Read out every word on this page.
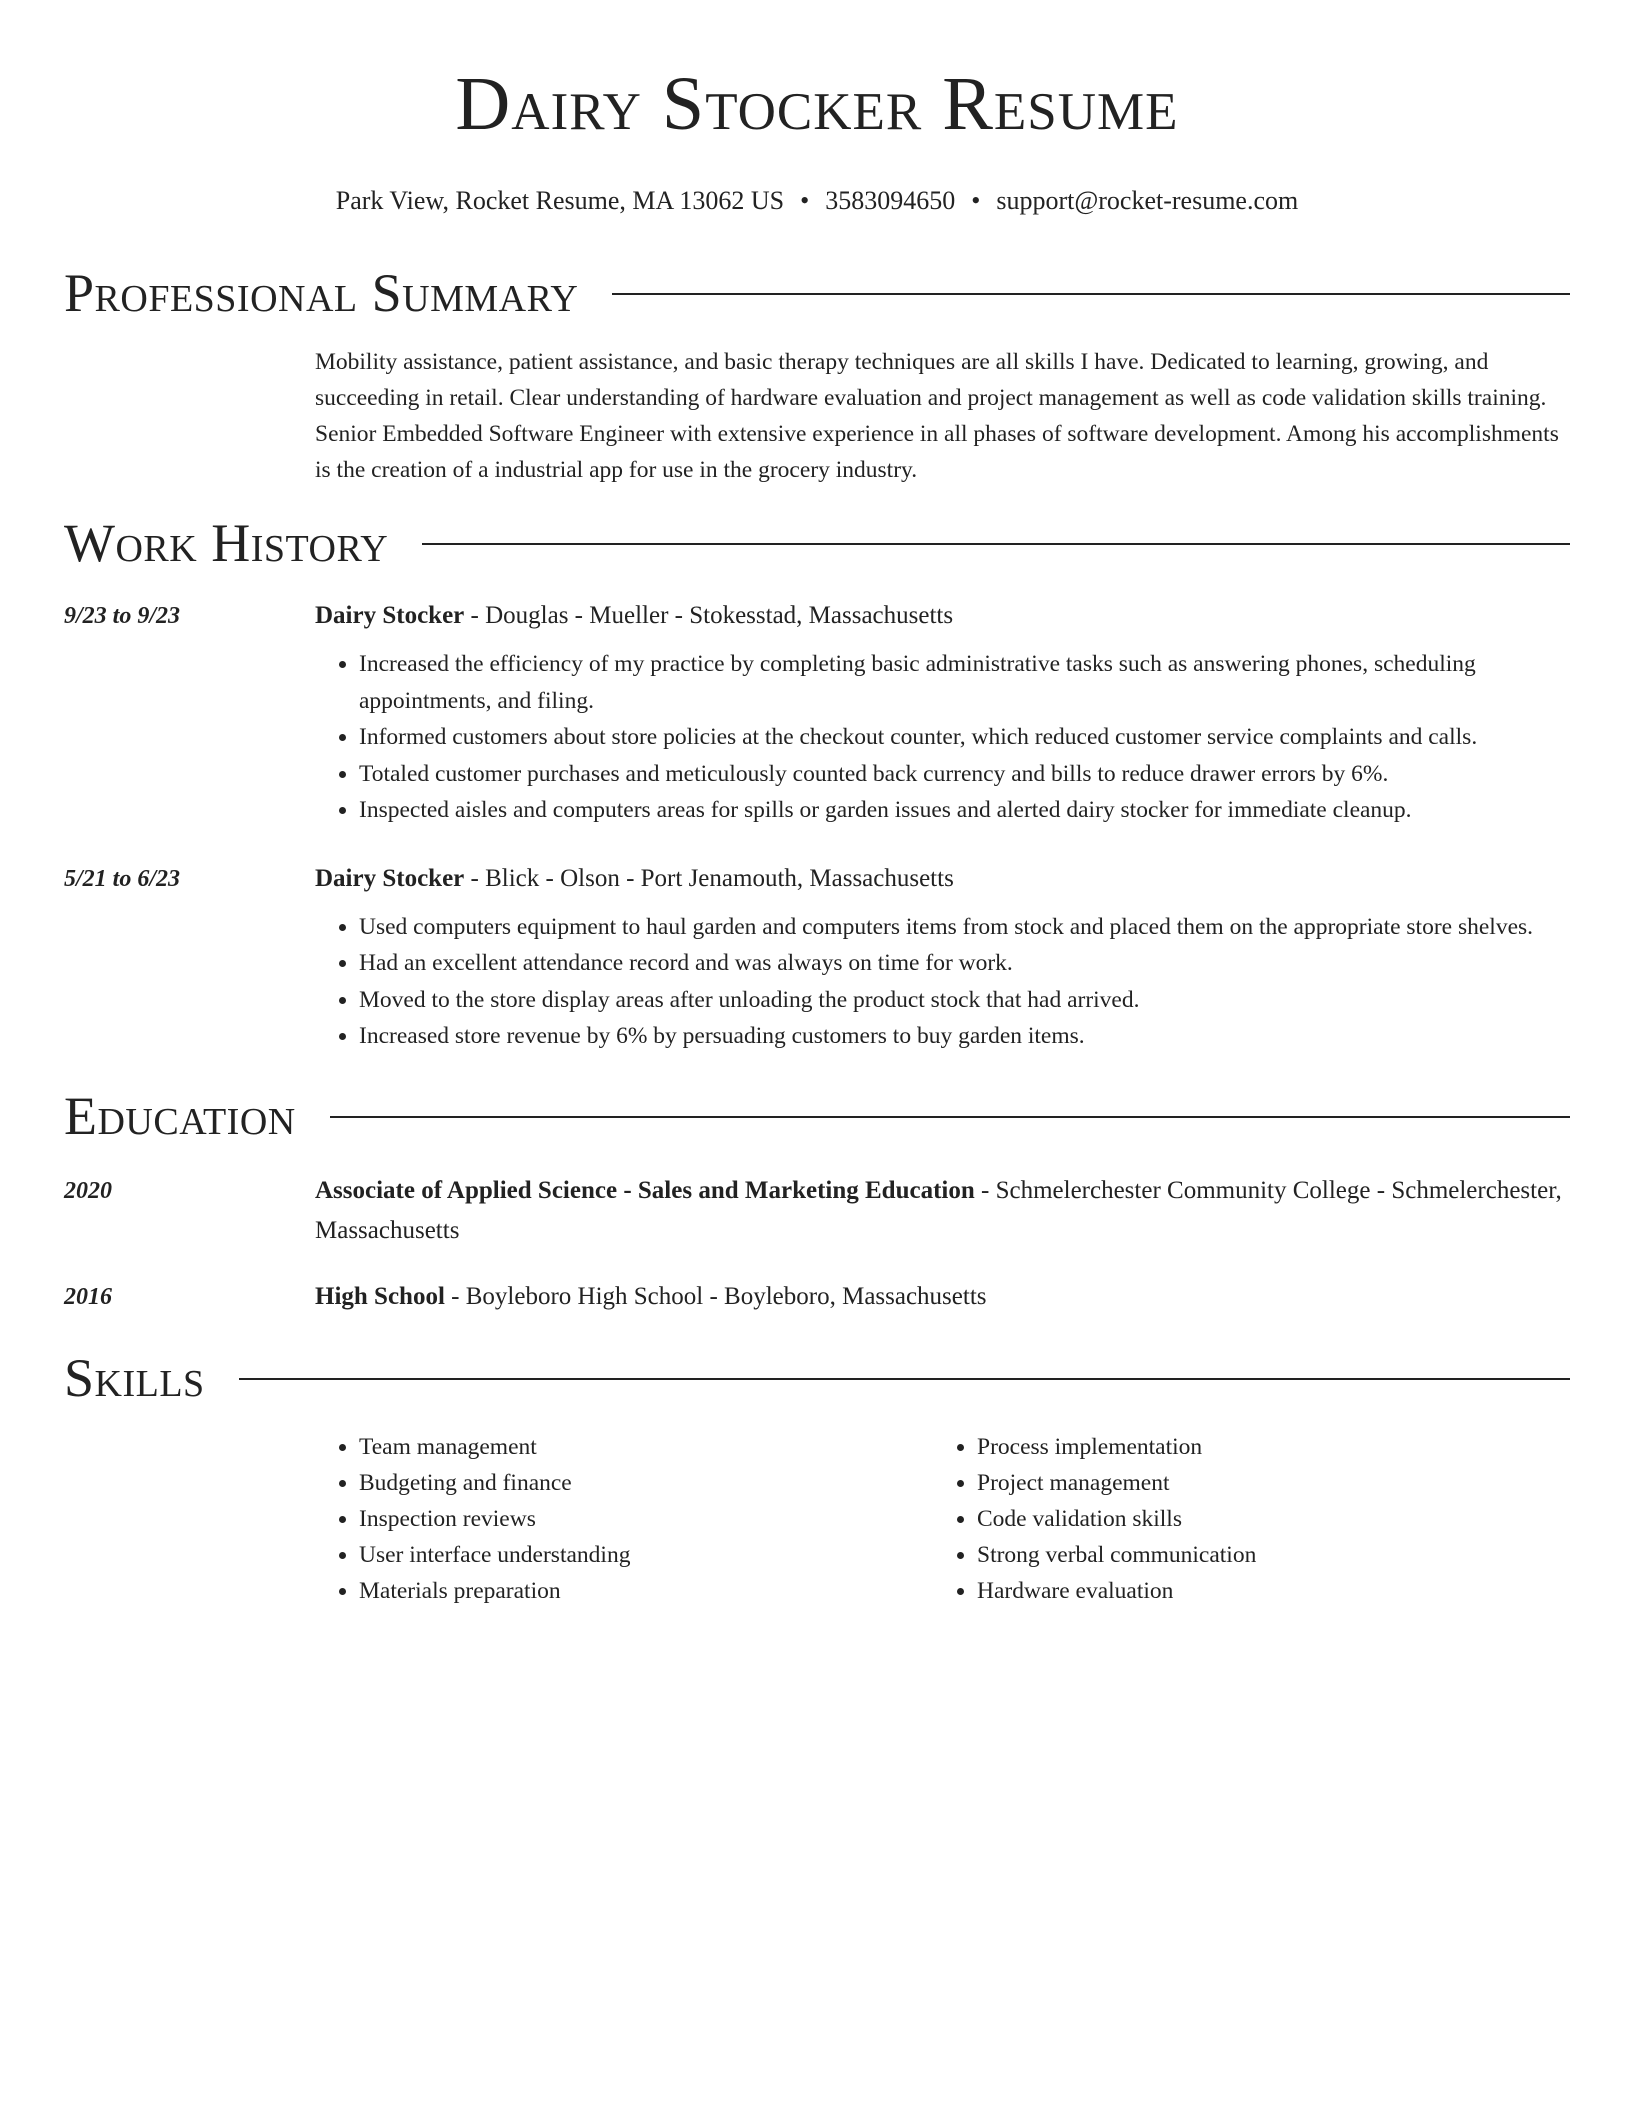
Dairy Stocker Resume
Park View, Rocket Resume, MA 13062 US • 3583094650 • support@rocket-resume.com
Professional Summary
Mobility assistance, patient assistance, and basic therapy techniques are all skills I have. Dedicated to learning, growing, and succeeding in retail. Clear understanding of hardware evaluation and project management as well as code validation skills training. Senior Embedded Software Engineer with extensive experience in all phases of software development. Among his accomplishments is the creation of a industrial app for use in the grocery industry.
Work History
9/23 to 9/23	Dairy Stocker - Douglas - Mueller - Stokesstad, Massachusetts
• Increased the efficiency of my practice by completing basic administrative tasks such as answering phones, scheduling appointments, and filing.
• Informed customers about store policies at the checkout counter, which reduced customer service complaints and calls.
• Totaled customer purchases and meticulously counted back currency and bills to reduce drawer errors by 6%.
• Inspected aisles and computers areas for spills or garden issues and alerted dairy stocker for immediate cleanup.
5/21 to 6/23	Dairy Stocker - Blick - Olson - Port Jenamouth, Massachusetts
• Used computers equipment to haul garden and computers items from stock and placed them on the appropriate store shelves.
• Had an excellent attendance record and was always on time for work.
• Moved to the store display areas after unloading the product stock that had arrived.
• Increased store revenue by 6% by persuading customers to buy garden items.
Education
2020	Associate of Applied Science - Sales and Marketing Education - Schmelerchester Community College - Schmelerchester, Massachusetts
2016	High School - Boyleboro High School - Boyleboro, Massachusetts
Skills
• Team management
• Budgeting and finance
• Inspection reviews
• User interface understanding
• Materials preparation
• Process implementation
• Project management
• Code validation skills
• Strong verbal communication
• Hardware evaluation
